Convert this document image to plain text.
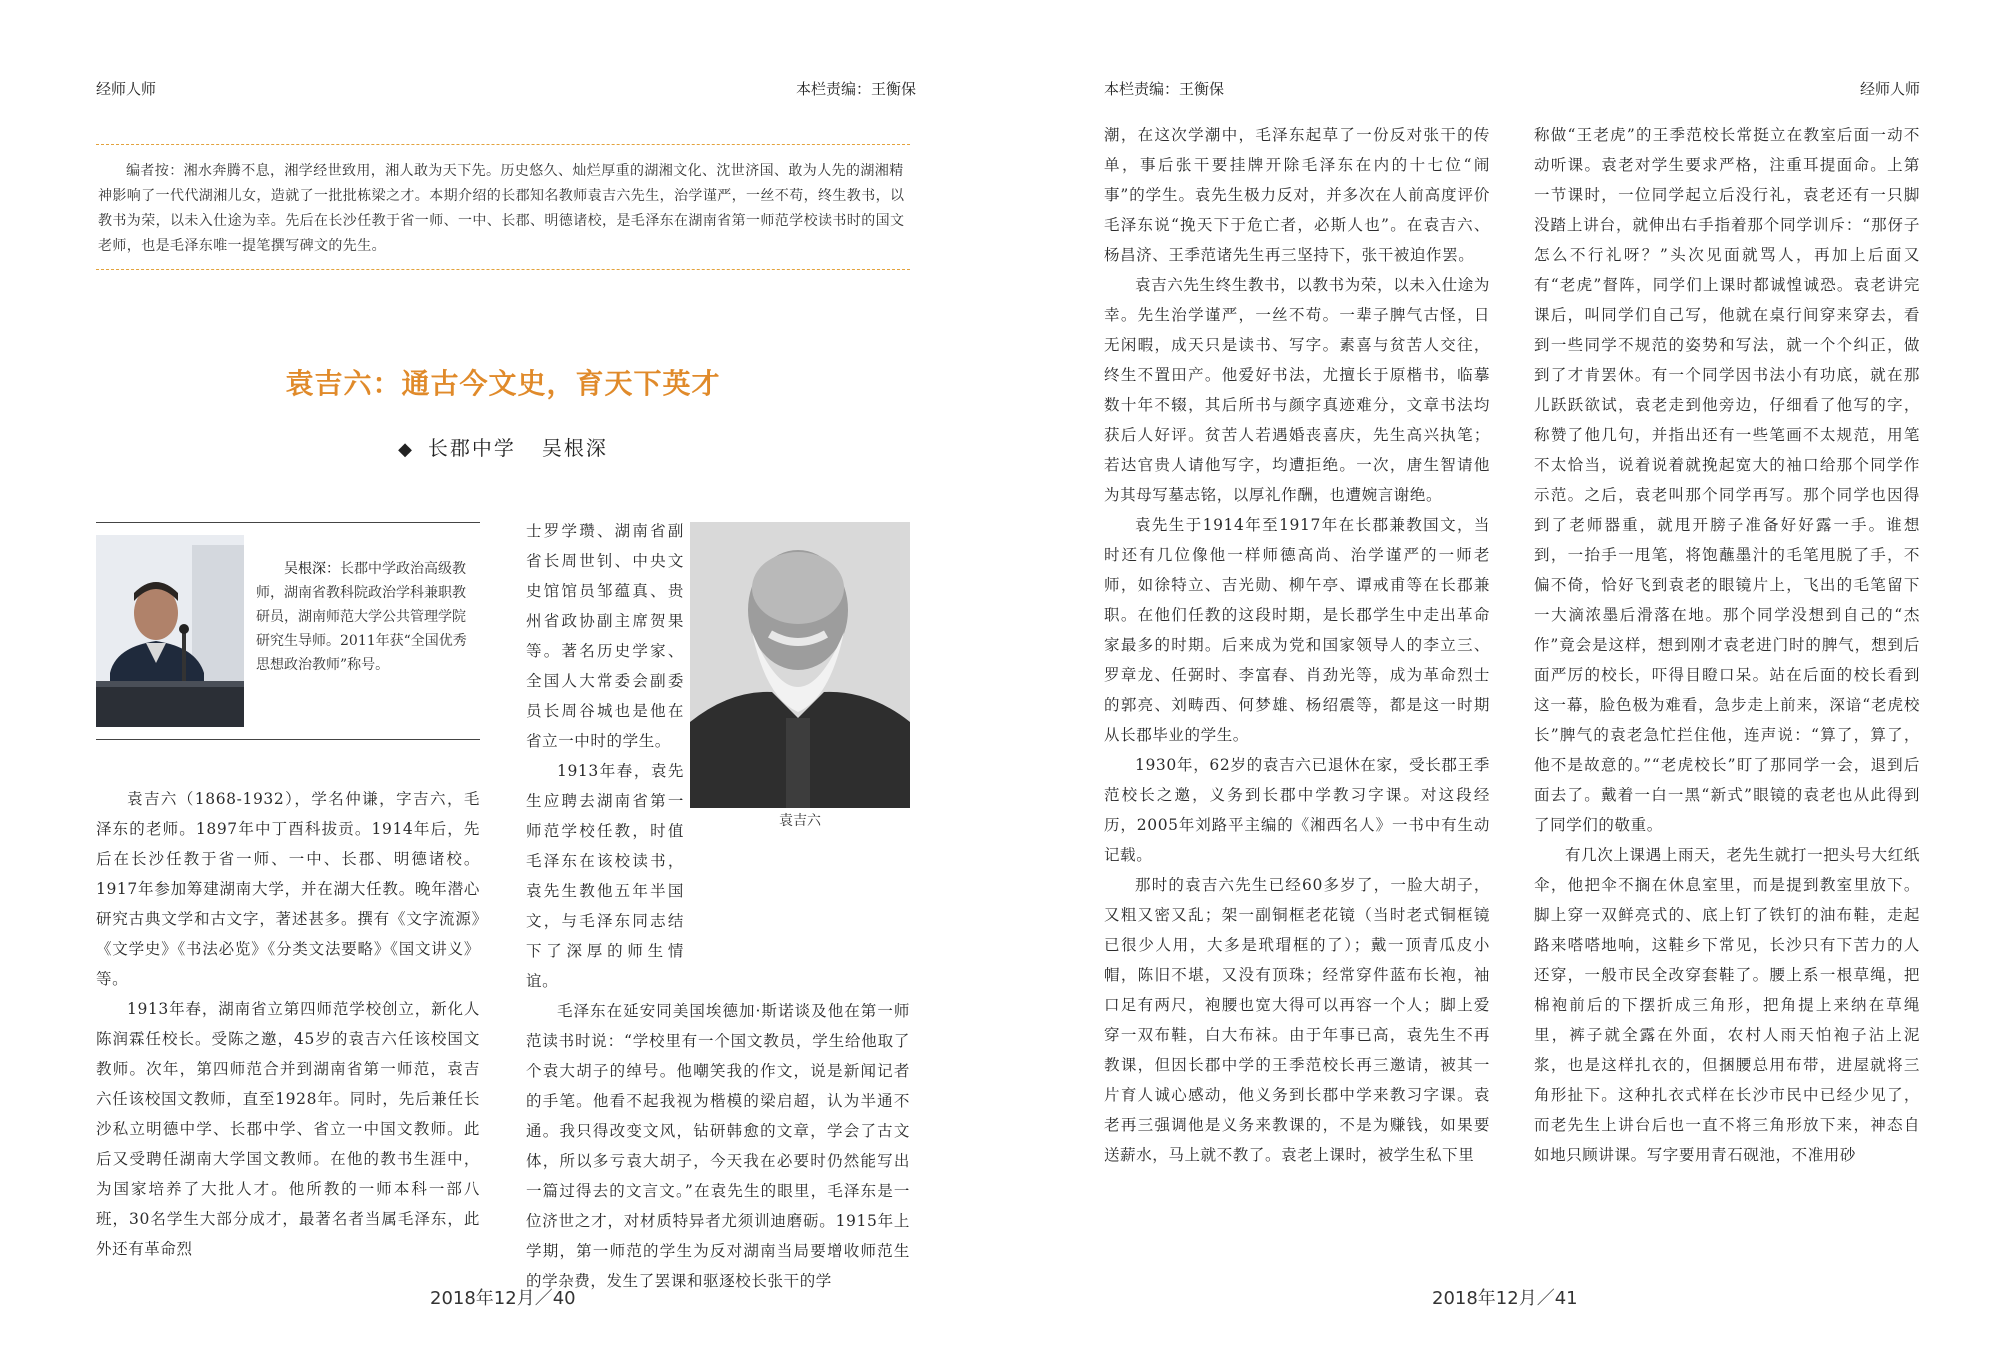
经师人师	本栏责编：王衡保

编者按：湘水奔腾不息，湘学经世致用，湘人敢为天下先。历史悠久、灿烂厚重的湖湘文化、沈世济国、敢为人先的湖湘精神影响了一代代湖湘儿女，造就了一批批栋梁之才。本期介绍的长郡知名教师袁吉六先生，治学谨严，一丝不苟，终生教书，以教书为荣，以未入仕途为幸。先后在长沙任教于省一师、一中、长郡、明德诸校，是毛泽东在湖南省第一师范学校读书时的国文老师，也是毛泽东唯一提笔撰写碑文的先生。

袁吉六：通古今文史，育天下英才
◆ 长郡中学 吴根深

吴根深：长郡中学政治高级教师，湖南省教科院政治学科兼职教研员，湖南师范大学公共管理学院研究生导师。2011年获“全国优秀思想政治教师”称号。

袁吉六

袁吉六（1868-1932），学名仲谦，字吉六，毛泽东的老师。1897年中丁酉科拔贡。1914年后，先后在长沙任教于省一师、一中、长郡、明德诸校。1917年参加筹建湖南大学，并在湖大任教。晚年潜心研究古典文学和古文字，著述甚多。撰有《文字流源》《文学史》《书法必览》《分类文法要略》《国文讲义》等。

1913年春，湖南省立第四师范学校创立，新化人陈润霖任校长。受陈之邀，45岁的袁吉六任该校国文教师。次年，第四师范合并到湖南省第一师范，袁吉六任该校国文教师，直至1928年。同时，先后兼任长沙私立明德中学、长郡中学、省立一中国文教师。此后又受聘任湖南大学国文教师。在他的教书生涯中，为国家培养了大批人才。他所教的一师本科一部八班，30名学生大部分成才，最著名者当属毛泽东，此外还有革命烈

士罗学瓒、湖南省副省长周世钊、中央文史馆馆员邹蕴真、贵州省政协副主席贺果等。著名历史学家、全国人大常委会副委员长周谷城也是他在省立一中时的学生。

1913年春，袁先生应聘去湖南省第一师范学校任教，时值毛泽东在该校读书，袁先生教他五年半国文，与毛泽东同志结下了深厚的师生情谊。

毛泽东在延安同美国埃德加·斯诺谈及他在第一师范读书时说：“学校里有一个国文教员，学生给他取了个袁大胡子的绰号。他嘲笑我的作文，说是新闻记者的手笔。他看不起我视为楷模的梁启超，认为半通不通。我只得改变文风，钻研韩愈的文章，学会了古文体，所以多亏袁大胡子，今天我在必要时仍然能写出一篇过得去的文言文。”在袁先生的眼里，毛泽东是一位济世之才，对材质特异者尤须训迪磨砺。1915年上学期，第一师范的学生为反对湖南当局要增收师范生的学杂费，发生了罢课和驱逐校长张干的学

2018年12月／40
本栏责编：王衡保	经师人师

潮，在这次学潮中，毛泽东起草了一份反对张干的传单，事后张干要挂牌开除毛泽东在内的十七位“闹事”的学生。袁先生极力反对，并多次在人前高度评价毛泽东说“挽天下于危亡者，必斯人也”。在袁吉六、杨昌济、王季范诸先生再三坚持下，张干被迫作罢。

袁吉六先生终生教书，以教书为荣，以未入仕途为幸。先生治学谨严，一丝不苟。一辈子脾气古怪，日无闲暇，成天只是读书、写字。素喜与贫苦人交往，终生不置田产。他爱好书法，尤擅长于原楷书，临摹数十年不辍，其后所书与颜字真迹难分，文章书法均获后人好评。贫苦人若遇婚丧喜庆，先生高兴执笔；若达官贵人请他写字，均遭拒绝。一次，唐生智请他为其母写墓志铭，以厚礼作酬，也遭婉言谢绝。

袁先生于1914年至1917年在长郡兼教国文，当时还有几位像他一样师德高尚、治学谨严的一师老师，如徐特立、吉光勋、柳午亭、谭戒甫等在长郡兼职。在他们任教的这段时期，是长郡学生中走出革命家最多的时期。后来成为党和国家领导人的李立三、罗章龙、任弼时、李富春、肖劲光等，成为革命烈士的郭亮、刘畴西、何梦雄、杨绍震等，都是这一时期从长郡毕业的学生。

1930年，62岁的袁吉六已退休在家，受长郡王季范校长之邀，义务到长郡中学教习字课。对这段经历，2005年刘路平主编的《湘西名人》一书中有生动记载。

那时的袁吉六先生已经60多岁了，一脸大胡子，又粗又密又乱；架一副铜框老花镜（当时老式铜框镜已很少人用，大多是玳瑁框的了）；戴一顶青瓜皮小帽，陈旧不堪，又没有顶珠；经常穿件蓝布长袍，袖口足有两尺，袍腰也宽大得可以再容一个人；脚上爱穿一双布鞋，白大布袜。由于年事已高，袁先生不再教课，但因长郡中学的王季范校长再三邀请，被其一片育人诚心感动，他义务到长郡中学来教习字课。袁老再三强调他是义务来教课的，不是为赚钱，如果要送薪水，马上就不教了。袁老上课时，被学生私下里

称做“王老虎”的王季范校长常挺立在教室后面一动不动听课。袁老对学生要求严格，注重耳提面命。上第一节课时，一位同学起立后没行礼，袁老还有一只脚没踏上讲台，就伸出右手指着那个同学训斥：“那伢子怎么不行礼呀？”头次见面就骂人，再加上后面又有“老虎”督阵，同学们上课时都诚惶诚恐。袁老讲完课后，叫同学们自己写，他就在桌行间穿来穿去，看到一些同学不规范的姿势和写法，就一个个纠正，做到了才肯罢休。有一个同学因书法小有功底，就在那儿跃跃欲试，袁老走到他旁边，仔细看了他写的字，称赞了他几句，并指出还有一些笔画不太规范，用笔不太恰当，说着说着就挽起宽大的袖口给那个同学作示范。之后，袁老叫那个同学再写。那个同学也因得到了老师器重，就甩开膀子准备好好露一手。谁想到，一抬手一甩笔，将饱蘸墨汁的毛笔甩脱了手，不偏不倚，恰好飞到袁老的眼镜片上，飞出的毛笔留下一大滴浓墨后滑落在地。那个同学没想到自己的“杰作”竟会是这样，想到刚才袁老进门时的脾气，想到后面严厉的校长，吓得目瞪口呆。站在后面的校长看到这一幕，脸色极为难看，急步走上前来，深谙“老虎校长”脾气的袁老急忙拦住他，连声说：“算了，算了，他不是故意的。”“老虎校长”盯了那同学一会，退到后面去了。戴着一白一黑“新式”眼镜的袁老也从此得到了同学们的敬重。

有几次上课遇上雨天，老先生就打一把头号大红纸伞，他把伞不搁在休息室里，而是提到教室里放下。脚上穿一双鲜亮式的、底上钉了铁钉的油布鞋，走起路来嗒嗒地响，这鞋乡下常见，长沙只有下苦力的人还穿，一般市民全改穿套鞋了。腰上系一根草绳，把棉袍前后的下摆折成三角形，把角提上来纳在草绳里，裤子就全露在外面，农村人雨天怕袍子沾上泥浆，也是这样扎衣的，但捆腰总用布带，进屋就将三角形扯下。这种扎衣式样在长沙市民中已经少见了，而老先生上讲台后也一直不将三角形放下来，神态自如地只顾讲课。写字要用青石砚池，不准用砂

2018年12月／41
